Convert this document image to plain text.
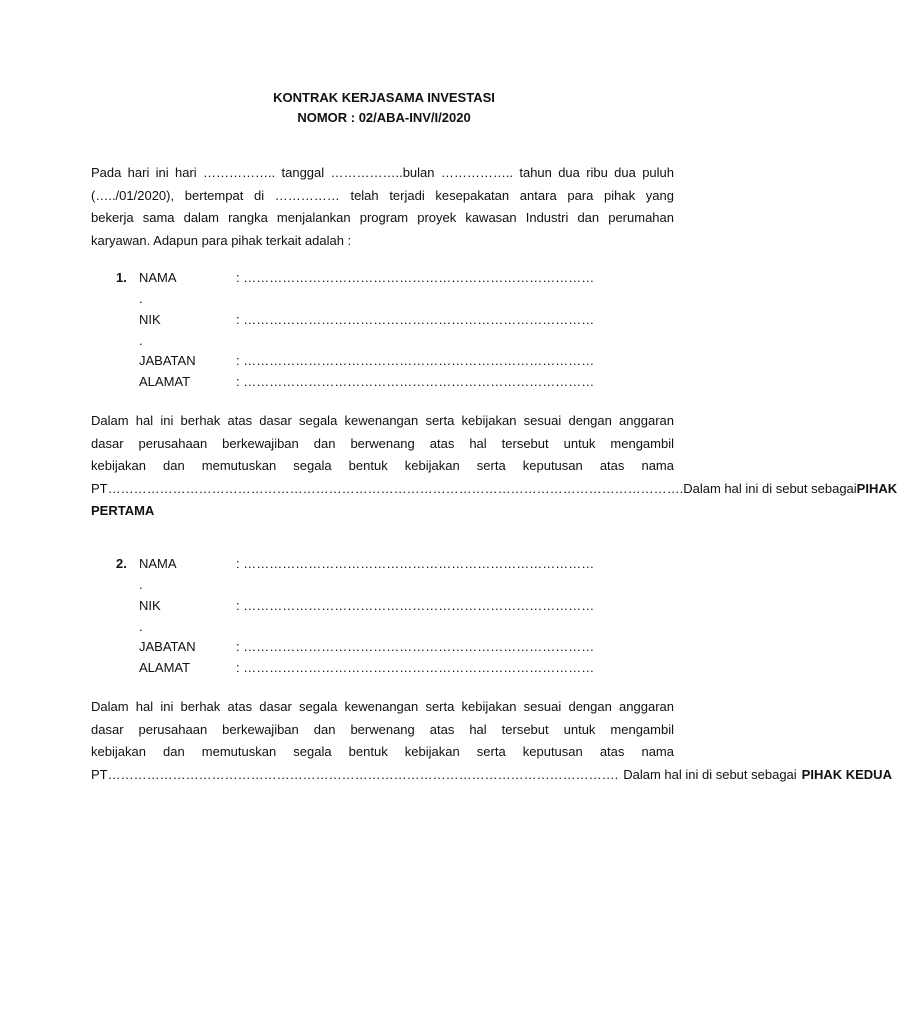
KONTRAK KERJASAMA INVESTASI
NOMOR : 02/ABA-INV/I/2020
Pada hari ini hari …………….. tanggal ……………..bulan …………….. tahun dua ribu dua puluh
(…../01/2020), bertempat di …………… telah terjadi kesepakatan antara para pihak yang
bekerja sama dalam rangka menjalankan program proyek kawasan Industri dan perumahan
karyawan. Adapun para pihak terkait adalah :
1. NAMA	: ………………………………………………………………………
.
NIK	: ………………………………………………………………………
.
JABATAN	: ………………………………………………………………………
ALAMAT	: ………………………………………………………………………
Dalam hal ini berhak atas dasar segala kewenangan serta kebijakan sesuai dengan anggaran
dasar perusahaan berkewajiban dan berwenang atas hal tersebut untuk mengambil
kebijakan dan memutuskan segala bentuk kebijakan serta keputusan atas nama
PT……………………………………………………………………………………………………………………. Dalam hal ini di sebut sebagai PIHAK
PERTAMA
2. NAMA	: ………………………………………………………………………
.
NIK	: ………………………………………………………………………
.
JABATAN	: ………………………………………………………………………
ALAMAT	: ………………………………………………………………………
Dalam hal ini berhak atas dasar segala kewenangan serta kebijakan sesuai dengan anggaran
dasar perusahaan berkewajiban dan berwenang atas hal tersebut untuk mengambil
kebijakan dan memutuskan segala bentuk kebijakan serta keputusan atas nama
PT………………………………………………………………………………………………………. Dalam hal ini di sebut sebagai PIHAK KEDUA
